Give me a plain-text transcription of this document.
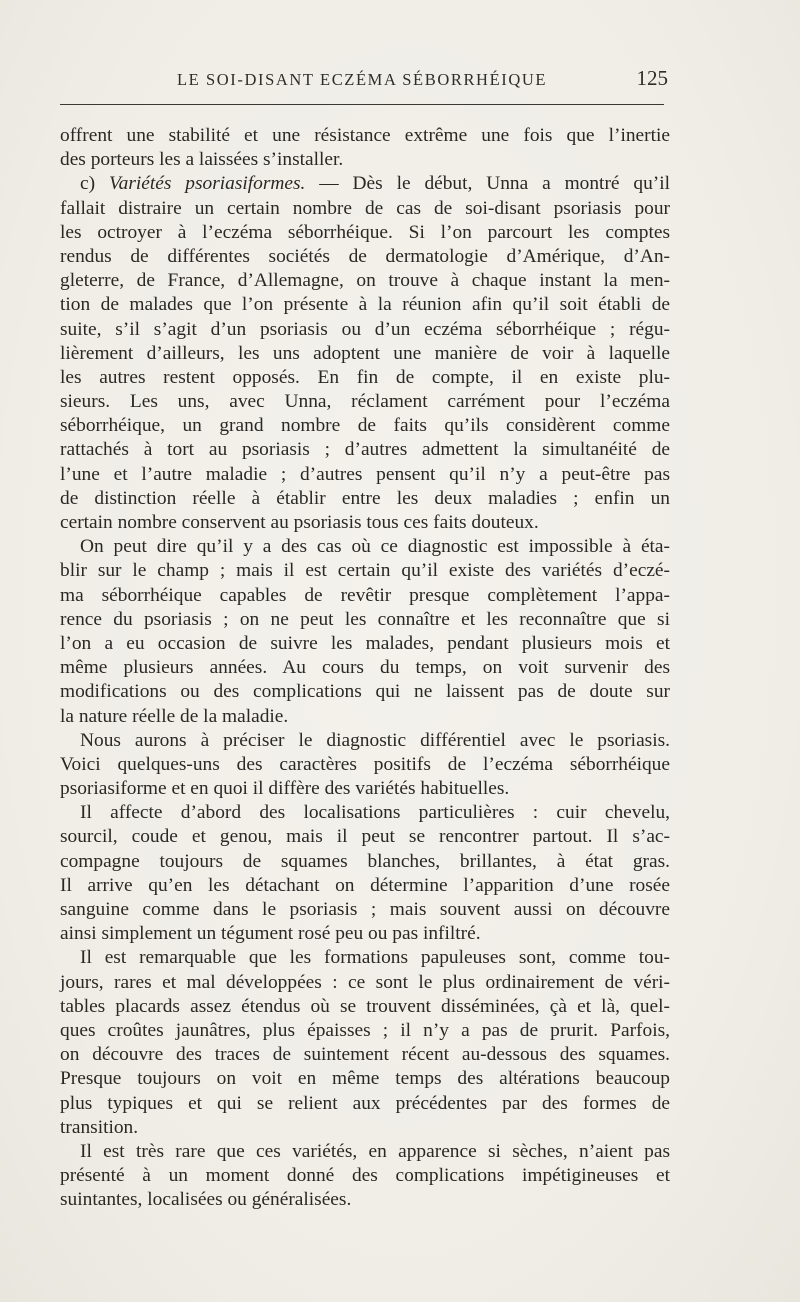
LE SOI-DISANT ECZÉMA SÉBORRHÉIQUE	125
offrent une stabilité et une résistance extrême une fois que l’inertie
des porteurs les a laissées s’installer.
c) Variétés psoriasiformes. — Dès le début, Unna a montré qu’il
fallait distraire un certain nombre de cas de soi-disant psoriasis pour
les octroyer à l’eczéma séborrhéique. Si l’on parcourt les comptes
rendus de différentes sociétés de dermatologie d’Amérique, d’An-
gleterre, de France, d’Allemagne, on trouve à chaque instant la men-
tion de malades que l’on présente à la réunion afin qu’il soit établi de
suite, s’il s’agit d’un psoriasis ou d’un eczéma séborrhéique ; régu-
lièrement d’ailleurs, les uns adoptent une manière de voir à laquelle
les autres restent opposés. En fin de compte, il en existe plu-
sieurs. Les uns, avec Unna, réclament carrément pour l’eczéma
séborrhéique, un grand nombre de faits qu’ils considèrent comme
rattachés à tort au psoriasis ; d’autres admettent la simultanéité de
l’une et l’autre maladie ; d’autres pensent qu’il n’y a peut-être pas
de distinction réelle à établir entre les deux maladies ; enfin un
certain nombre conservent au psoriasis tous ces faits douteux.
On peut dire qu’il y a des cas où ce diagnostic est impossible à éta-
blir sur le champ ; mais il est certain qu’il existe des variétés d’eczé-
ma séborrhéique capables de revêtir presque complètement l’appa-
rence du psoriasis ; on ne peut les connaître et les reconnaître que si
l’on a eu occasion de suivre les malades, pendant plusieurs mois et
même plusieurs années. Au cours du temps, on voit survenir des
modifications ou des complications qui ne laissent pas de doute sur
la nature réelle de la maladie.
Nous aurons à préciser le diagnostic différentiel avec le psoriasis.
Voici quelques-uns des caractères positifs de l’eczéma séborrhéique
psoriasiforme et en quoi il diffère des variétés habituelles.
Il affecte d’abord des localisations particulières : cuir chevelu,
sourcil, coude et genou, mais il peut se rencontrer partout. Il s’ac-
compagne toujours de squames blanches, brillantes, à état gras.
Il arrive qu’en les détachant on détermine l’apparition d’une rosée
sanguine comme dans le psoriasis ; mais souvent aussi on découvre
ainsi simplement un tégument rosé peu ou pas infiltré.
Il est remarquable que les formations papuleuses sont, comme tou-
jours, rares et mal développées : ce sont le plus ordinairement de véri-
tables placards assez étendus où se trouvent disséminées, çà et là, quel-
ques croûtes jaunâtres, plus épaisses ; il n’y a pas de prurit. Parfois,
on découvre des traces de suintement récent au-dessous des squames.
Presque toujours on voit en même temps des altérations beaucoup
plus typiques et qui se relient aux précédentes par des formes de
transition.
Il est très rare que ces variétés, en apparence si sèches, n’aient pas
présenté à un moment donné des complications impétigineuses et
suintantes, localisées ou généralisées.
